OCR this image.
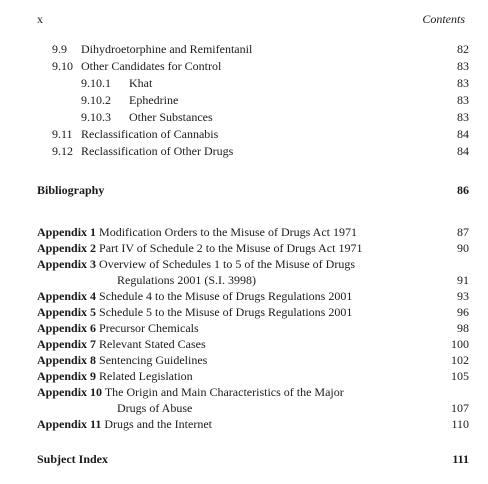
x	Contents
9.9 Dihydroetorphine and Remifentanil	82
9.10 Other Candidates for Control	83
9.10.1 Khat	83
9.10.2 Ephedrine	83
9.10.3 Other Substances	83
9.11 Reclassification of Cannabis	84
9.12 Reclassification of Other Drugs	84
Bibliography	86
Appendix 1 Modification Orders to the Misuse of Drugs Act 1971	87
Appendix 2 Part IV of Schedule 2 to the Misuse of Drugs Act 1971	90
Appendix 3 Overview of Schedules 1 to 5 of the Misuse of Drugs
Regulations 2001 (S.I. 3998)	91
Appendix 4 Schedule 4 to the Misuse of Drugs Regulations 2001	93
Appendix 5 Schedule 5 to the Misuse of Drugs Regulations 2001	96
Appendix 6 Precursor Chemicals	98
Appendix 7 Relevant Stated Cases	100
Appendix 8 Sentencing Guidelines	102
Appendix 9 Related Legislation	105
Appendix 10 The Origin and Main Characteristics of the Major
Drugs of Abuse	107
Appendix 11 Drugs and the Internet	110
Subject Index	111
